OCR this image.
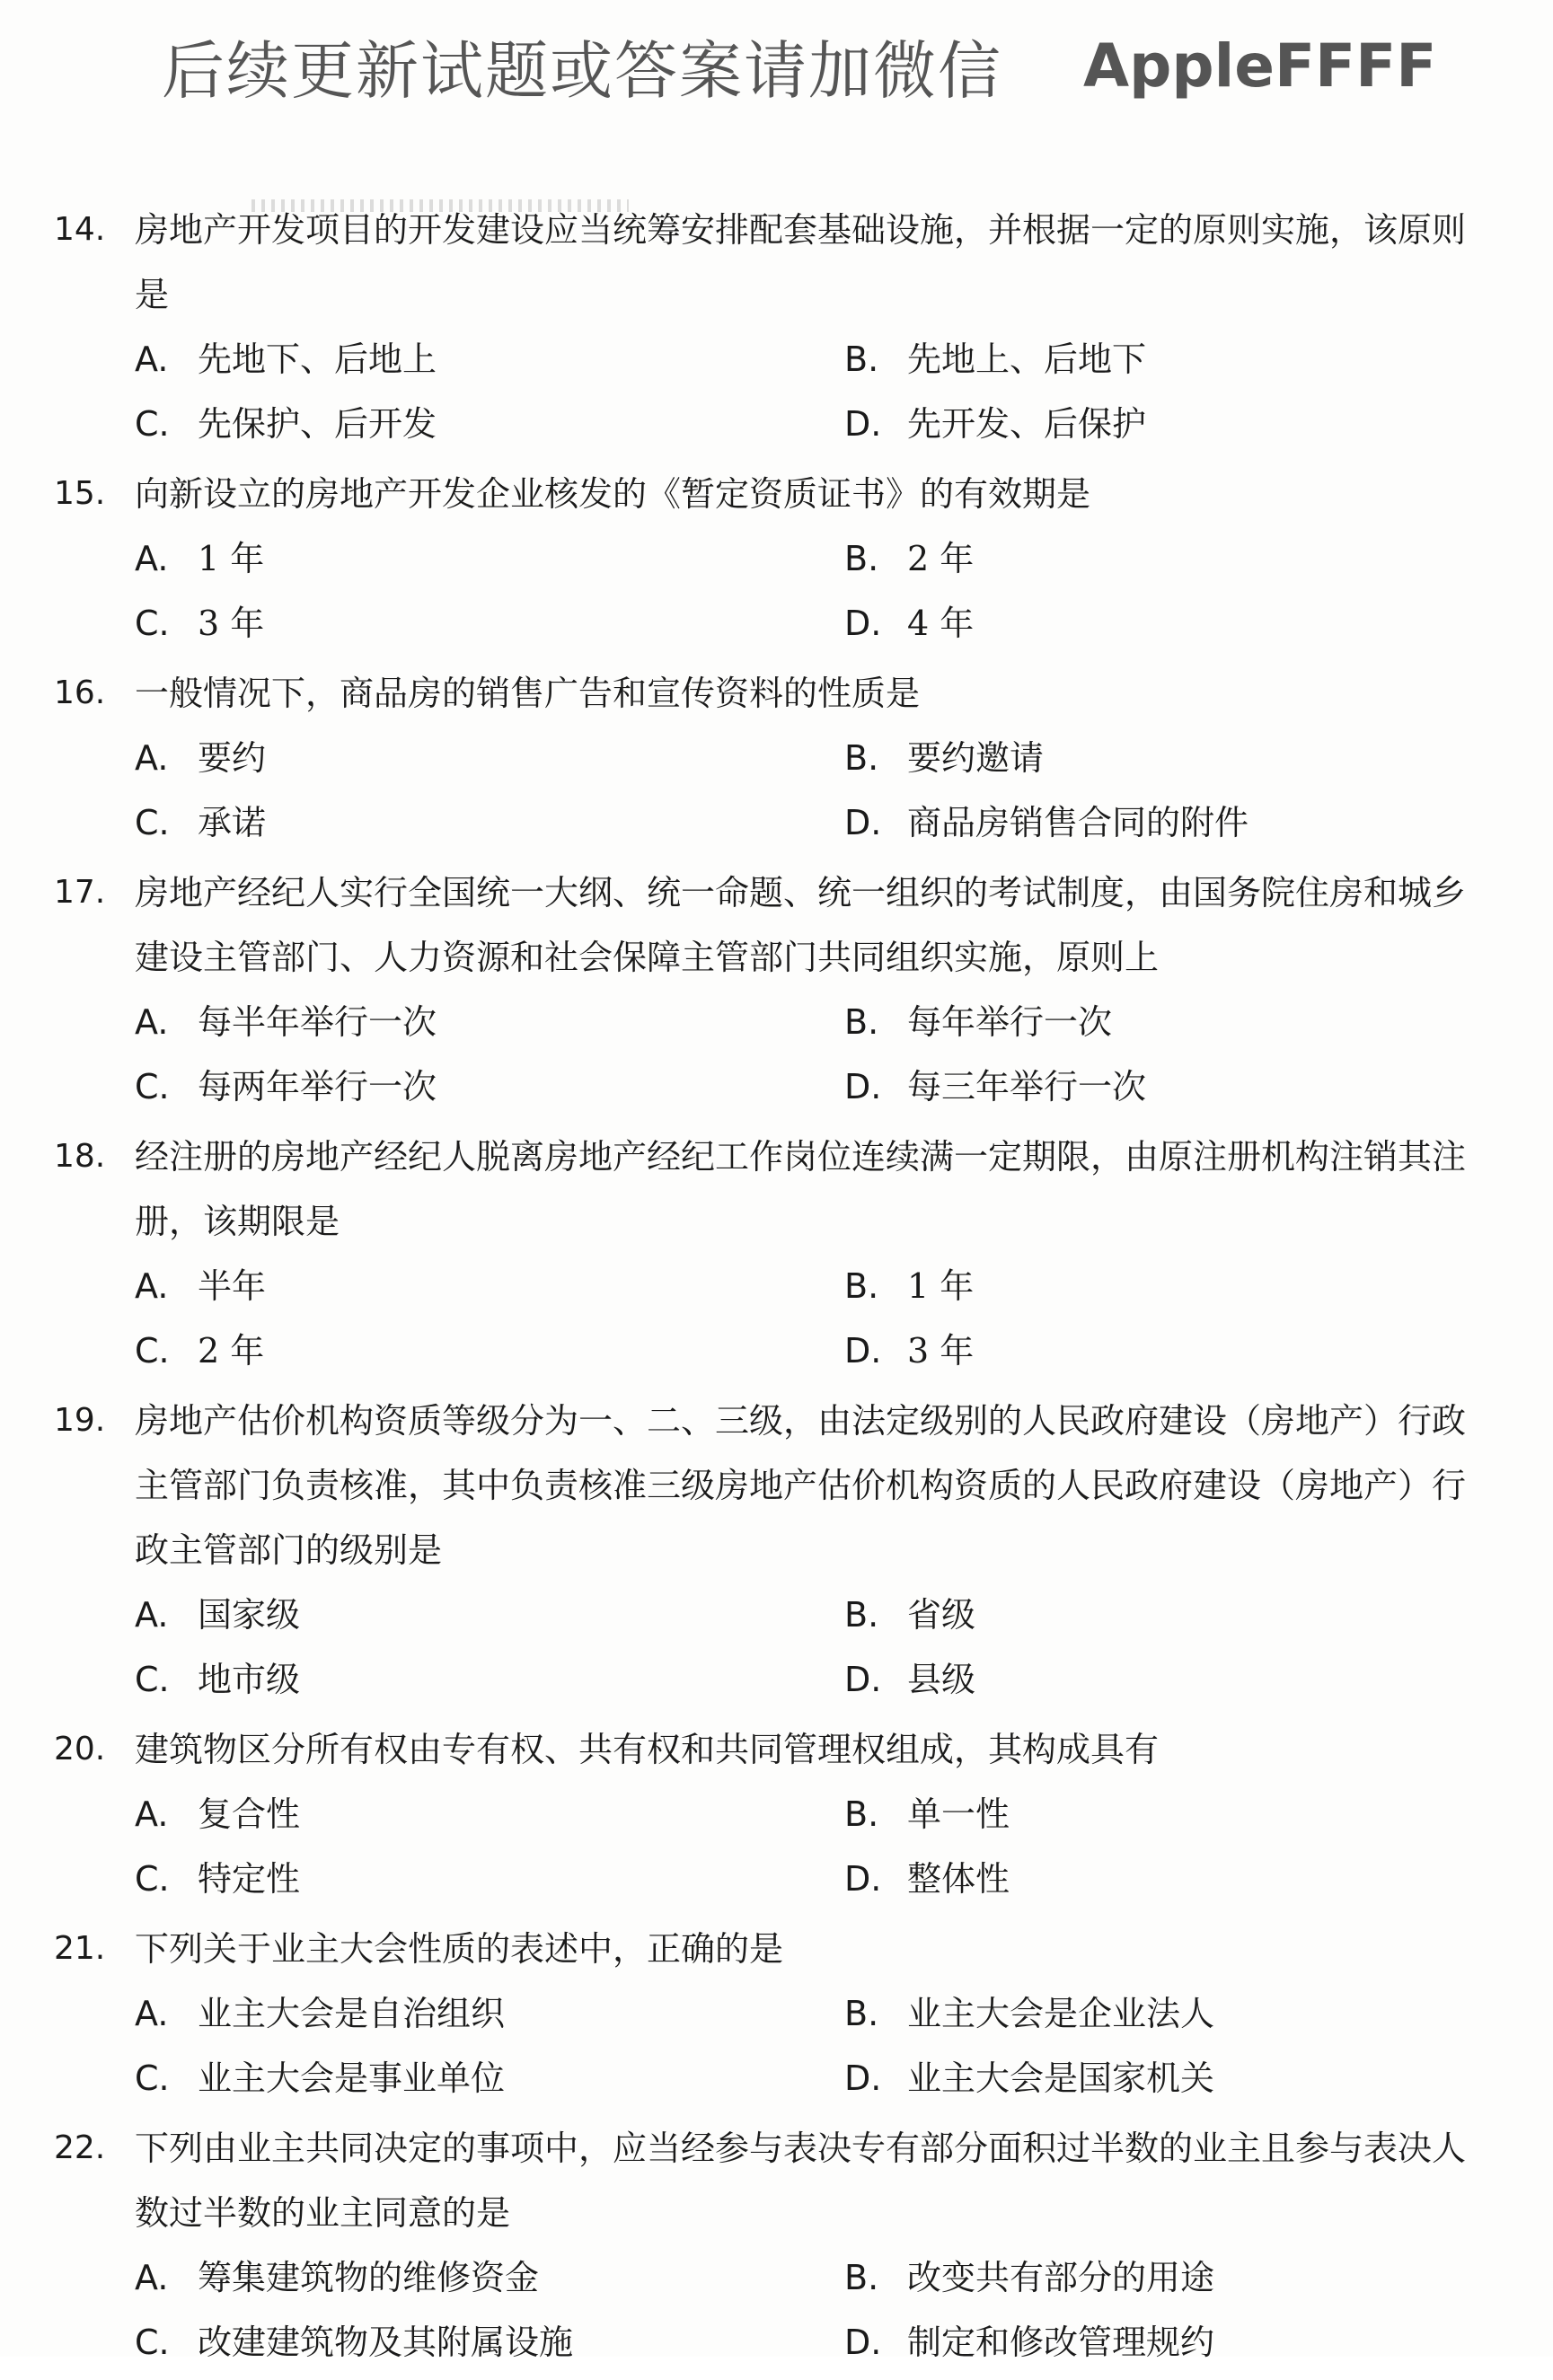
后续更新试题或答案请加微信 AppleFFFF
14. 房地产开发项目的开发建设应当统筹安排配套基础设施，并根据一定的原则实施，该原则是
A. 先地下、后地上	B. 先地上、后地下
C. 先保护、后开发	D. 先开发、后保护
15. 向新设立的房地产开发企业核发的《暂定资质证书》的有效期是
A. 1 年	B. 2 年
C. 3 年	D. 4 年
16. 一般情况下，商品房的销售广告和宣传资料的性质是
A. 要约	B. 要约邀请
C. 承诺	D. 商品房销售合同的附件
17. 房地产经纪人实行全国统一大纲、统一命题、统一组织的考试制度，由国务院住房和城乡建设主管部门、人力资源和社会保障主管部门共同组织实施，原则上
A. 每半年举行一次	B. 每年举行一次
C. 每两年举行一次	D. 每三年举行一次
18. 经注册的房地产经纪人脱离房地产经纪工作岗位连续满一定期限，由原注册机构注销其注册，该期限是
A. 半年	B. 1 年
C. 2 年	D. 3 年
19. 房地产估价机构资质等级分为一、二、三级，由法定级别的人民政府建设（房地产）行政主管部门负责核准，其中负责核准三级房地产估价机构资质的人民政府建设（房地产）行政主管部门的级别是
A. 国家级	B. 省级
C. 地市级	D. 县级
20. 建筑物区分所有权由专有权、共有权和共同管理权组成，其构成具有
A. 复合性	B. 单一性
C. 特定性	D. 整体性
21. 下列关于业主大会性质的表述中，正确的是
A. 业主大会是自治组织	B. 业主大会是企业法人
C. 业主大会是事业单位	D. 业主大会是国家机关
22. 下列由业主共同决定的事项中，应当经参与表决专有部分面积过半数的业主且参与表决人数过半数的业主同意的是
A. 筹集建筑物的维修资金	B. 改变共有部分的用途
C. 改建建筑物及其附属设施	D. 制定和修改管理规约
